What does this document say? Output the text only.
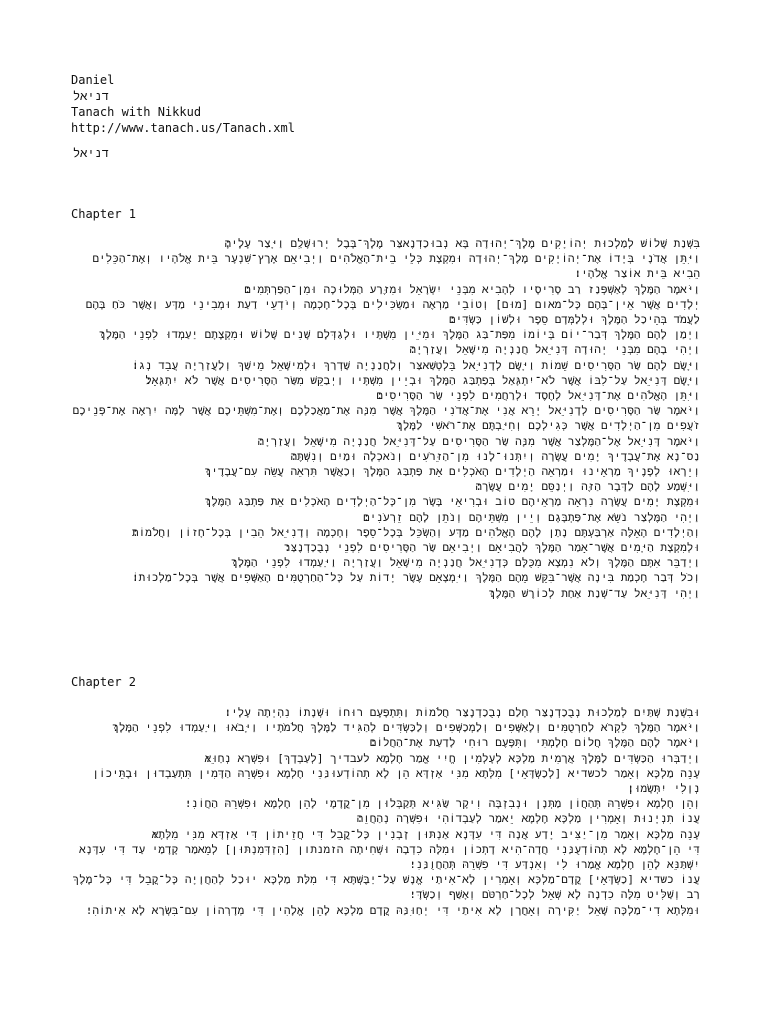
Daniel
דניאל
Tanach with Nikkud
http://www.tanach.us/Tanach.xml
דניאל
Chapter 1

בִּשְׁנַת שָׁלוֹשׁ לְמַלְכוּת יְהוֹיָקִים מֶלֶךְ־יְהוּדָה בָּא נְבוּכַדְנֶאצַּר מֶלֶךְ־בָּבֶל יְרוּשָׁלִַם וַיָּצַר עָלֶיהָ׃

וַיִּתֵּן אֲדֹנָי בְּיָדוֹ אֶת־יְהוֹיָקִים מֶלֶךְ־יְהוּדָה וּמִקְצָת כְּלֵי בֵית־הָאֱלֹהִים וַיְבִיאֵם אֶרֶץ־שִׁנְעָר בֵּית אֱלֹהָיו וְאֶת־הַכֵּלִים הֵבִיא בֵּית אוֹצַר אֱלֹהָיו׃

וַיֹּאמֶר הַמֶּלֶךְ לְאַשְׁפְּנַז רַב סָרִיסָיו לְהָבִיא מִבְּנֵי יִשְׂרָאֵל וּמִזֶּרַע הַמְּלוּכָה וּמִן־הַפַּרְתְּמִים׃

יְלָדִים אֲשֶׁר אֵין־בָּהֶם כָּל־מאום [מוּם] וְטוֹבֵי מַרְאֶה וּמַשְׂכִּילִים בְּכָל־חָכְמָה וְיֹדְעֵי דַעַת וּמְבִינֵי מַדָּע וַאֲשֶׁר כֹּחַ בָּהֶם לַעֲמֹד בְּהֵיכַל הַמֶּלֶךְ וּלְלַמְּדָם סֵפֶר וּלְשׁוֹן כַּשְׂדִּים׃

וַיְמַן לָהֶם הַמֶּלֶךְ דְּבַר־יוֹם בְּיוֹמוֹ מִפַּת־בַּג הַמֶּלֶךְ וּמִיֵּין מִשְׁתָּיו וּלְגַדְּלָם שָׁנִים שָׁלוֹשׁ וּמִקְצָתָם יַעַמְדוּ לִפְנֵי הַמֶּלֶךְ׃

וַיְהִי בָהֶם מִבְּנֵי יְהוּדָה דָּנִיֵּאל חֲנַנְיָה מִישָׁאֵל וַעֲזַרְיָה׃

וַיָּשֶׂם לָהֶם שַׂר הַסָּרִיסִים שֵׁמוֹת וַיָּשֶׂם לְדָנִיֵּאל בֵּלְטְשַׁאצַּר וְלַחֲנַנְיָה שַׁדְרַךְ וּלְמִישָׁאֵל מֵישַׁךְ וְלַעֲזַרְיָה עֲבֵד נְגוֹ׃

וַיָּשֶׂם דָּנִיֵּאל עַל־לִבּוֹ אֲשֶׁר לֹא־יִתְגָּאַל בְּפַתְבַּג הַמֶּלֶךְ וּבְיֵין מִשְׁתָּיו וַיְבַקֵּשׁ מִשַּׂר הַסָּרִיסִים אֲשֶׁר לֹא יִתְגָּאָל׃

וַיִּתֵּן הָאֱלֹהִים אֶת־דָּנִיֵּאל לְחֶסֶד וּלְרַחֲמִים לִפְנֵי שַׂר הַסָּרִיסִים׃

וַיֹּאמֶר שַׂר הַסָּרִיסִים לְדָנִיֵּאל יָרֵא אֲנִי אֶת־אֲדֹנִי הַמֶּלֶךְ אֲשֶׁר מִנָּה אֶת־מַאֲכַלְכֶם וְאֶת־מִשְׁתֵּיכֶם אֲשֶׁר לָמָּה יִרְאֶה אֶת־פְּנֵיכֶם זֹעֲפִים מִן־הַיְלָדִים אֲשֶׁר כְּגִילְכֶם וְחִיַּבְתֶּם אֶת־רֹאשִׁי לַמֶּלֶךְ׃

וַיֹּאמֶר דָּנִיֵּאל אֶל־הַמֶּלְצַר אֲשֶׁר מִנָּה שַׂר הַסָּרִיסִים עַל־דָּנִיֵּאל חֲנַנְיָה מִישָׁאֵל וַעֲזַרְיָה׃

נַס־נָא אֶת־עֲבָדֶיךָ יָמִים עֲשָׂרָה וְיִתְּנוּ־לָנוּ מִן־הַזֵּרֹעִים וְנֹאכְלָה וּמַיִם וְנִשְׁתֶּה׃

וְיֵרָאוּ לְפָנֶיךָ מַרְאֵינוּ וּמַרְאֵה הַיְלָדִים הָאֹכְלִים אֵת פַּתְבַּג הַמֶּלֶךְ וְכַאֲשֶׁר תִּרְאֵה עֲשֵׂה עִם־עֲבָדֶיךָ׃

וַיִּשְׁמַע לָהֶם לַדָּבָר הַזֶּה וַיְנַסֵּם יָמִים עֲשָׂרָה׃

וּמִקְצָת יָמִים עֲשָׂרָה נִרְאָה מַרְאֵיהֶם טוֹב וּבְרִיאֵי בָּשָׂר מִן־כָּל־הַיְלָדִים הָאֹכְלִים אֵת פַּתְבַּג הַמֶּלֶךְ׃

וַיְהִי הַמֶּלְצַר נֹשֵׂא אֶת־פַּתְבָּגָם וְיֵין מִשְׁתֵּיהֶם וְנֹתֵן לָהֶם זֵרְעֹנִים׃

וְהַיְלָדִים הָאֵלֶּה אַרְבַּעְתָּם נָתַן לָהֶם הָאֱלֹהִים מַדָּע וְהַשְׂכֵּל בְּכָל־סֵפֶר וְחָכְמָה וְדָנִיֵּאל הֵבִין בְּכָל־חָזוֹן וַחֲלֹמוֹת׃

וּלְמִקְצָת הַיָּמִים אֲשֶׁר־אָמַר הַמֶּלֶךְ לַהֲבִיאָם וַיְבִיאֵם שַׂר הַסָּרִיסִים לִפְנֵי נְבֻכַדְנֶצַּר׃

וַיְדַבֵּר אִתָּם הַמֶּלֶךְ וְלֹא נִמְצָא מִכֻּלָּם כְּדָנִיֵּאל חֲנַנְיָה מִישָׁאֵל וַעֲזַרְיָה וַיַּעַמְדוּ לִפְנֵי הַמֶּלֶךְ׃

וְכֹל דְּבַר חָכְמַת בִּינָה אֲשֶׁר־בִּקֵּשׁ מֵהֶם הַמֶּלֶךְ וַיִּמְצָאֵם עֶשֶׂר יָדוֹת עַל כָּל־הַחַרְטֻמִּים הָאַשָּׁפִים אֲשֶׁר בְּכָל־מַלְכוּתוֹ׃

וַיְהִי דָּנִיֵּאל עַד־שְׁנַת אַחַת לְכוֹרֶשׁ הַמֶּלֶךְ׃

Chapter 2

וּבִשְׁנַת שְׁתַּיִם לְמַלְכוּת נְבֻכַדְנֶצַּר חָלַם נְבֻכַדְנֶצַּר חֲלֹמוֹת וַתִּתְפָּעֶם רוּחוֹ וּשְׁנָתוֹ נִהְיְתָה עָלָיו׃

וַיֹּאמֶר הַמֶּלֶךְ לִקְרֹא לַחַרְטֻמִּים וְלָאַשָּׁפִים וְלַמְכַשְּׁפִים וְלַכַּשְׂדִּים לְהַגִּיד לַמֶּלֶךְ חֲלֹמֹתָיו וַיָּבֹאוּ וַיַּעַמְדוּ לִפְנֵי הַמֶּלֶךְ׃

וַיֹּאמֶר לָהֶם הַמֶּלֶךְ חֲלוֹם חָלָמְתִּי וַתִּפָּעֶם רוּחִי לָדַעַת אֶת־הַחֲלוֹם׃

וַיְדַבְּרוּ הַכַּשְׂדִּים לַמֶּלֶךְ אֲרָמִית מַלְכָּא לְעָלְמִין חֱיִי אֱמַר חֶלְמָא לעבדיך [לְעַבְדָךְ] וּפִשְׁרָא נְחַוֵּא׃

עָנֵה מַלְכָּא וְאָמַר לכשדיא [לְכַשְׂדָּאֵי] מִלְּתָא מִנִּי אַזְדָּא הֵן לָא תְהוֹדְעוּנַּנִי חֶלְמָא וּפִשְׁרֵהּ הַדָּמִין תִּתְעַבְדוּן וּבָתֵּיכוֹן נְוָלִי יִתְּשָׂמוּן׃

וְהֵן חֶלְמָא וּפִשְׁרֵהּ תְּהַחֲוֹן מַתְּנָן וּנְבִזְבָּה וִיקָר שַׂגִּיא תְּקַבְּלוּן מִן־קֳדָמָי לָהֵן חֶלְמָא וּפִשְׁרֵהּ הַחֲוֹנִי׃

עֲנוֹ תִנְיָנוּת וְאָמְרִין מַלְכָּא חֶלְמָא יֵאמַר לְעַבְדוֹהִי וּפִשְׁרָה נְהַחֲוֵה׃

עָנֵה מַלְכָּא וְאָמַר מִן־יַצִּיב יָדַע אֲנָה דִּי עִדָּנָא אַנְתּוּן זָבְנִין כָּל־קֳבֵל דִּי חֲזֵיתוֹן דִּי אַזְדָּא מִנִּי מִלְּתָא׃

דִּי הֵן־חֶלְמָא לָא תְהוֹדְעֻנַּנִי חֲדָה־הִיא דָתְכוֹן וּמִלָּה כִדְבָה וּשְׁחִיתָה הזמנתון [הִזְדְּמִנְתּוּן] לְמֵאמַר קָדָמַי עַד דִּי עִדָּנָא יִשְׁתַּנֵּא לָהֵן חֶלְמָא אֱמַרוּ לִי וְאִנְדַּע דִּי פִשְׁרֵהּ תְּהַחֲוֻנַּנִי׃

עֲנוֹ כשדיא [כַשְׂדָּאֵי] קֳדָם־מַלְכָּא וְאָמְרִין לָא־אִיתַי אֱנָשׁ עַל־יַבֶּשְׁתָּא דִּי מִלַּת מַלְכָּא יוּכַל לְהַחֲוָיָה כָּל־קֳבֵל דִּי כָּל־מֶלֶךְ רַב וְשַׁלִּיט מִלָּה כִדְנָה לָא שְׁאֵל לְכָל־חַרְטֹּם וְאָשַׁף וְכַשְׂדָּי׃

וּמִלְּתָא דִי־מַלְכָּה שָׁאֵל יַקִּירָה וְאָחֳרָן לָא אִיתַי דִּי יְחַוִּנַּהּ קֳדָם מַלְכָּא לָהֵן אֱלָהִין דִּי מְדָרְהוֹן עִם־בִּשְׂרָא לָא אִיתוֹהִי׃
